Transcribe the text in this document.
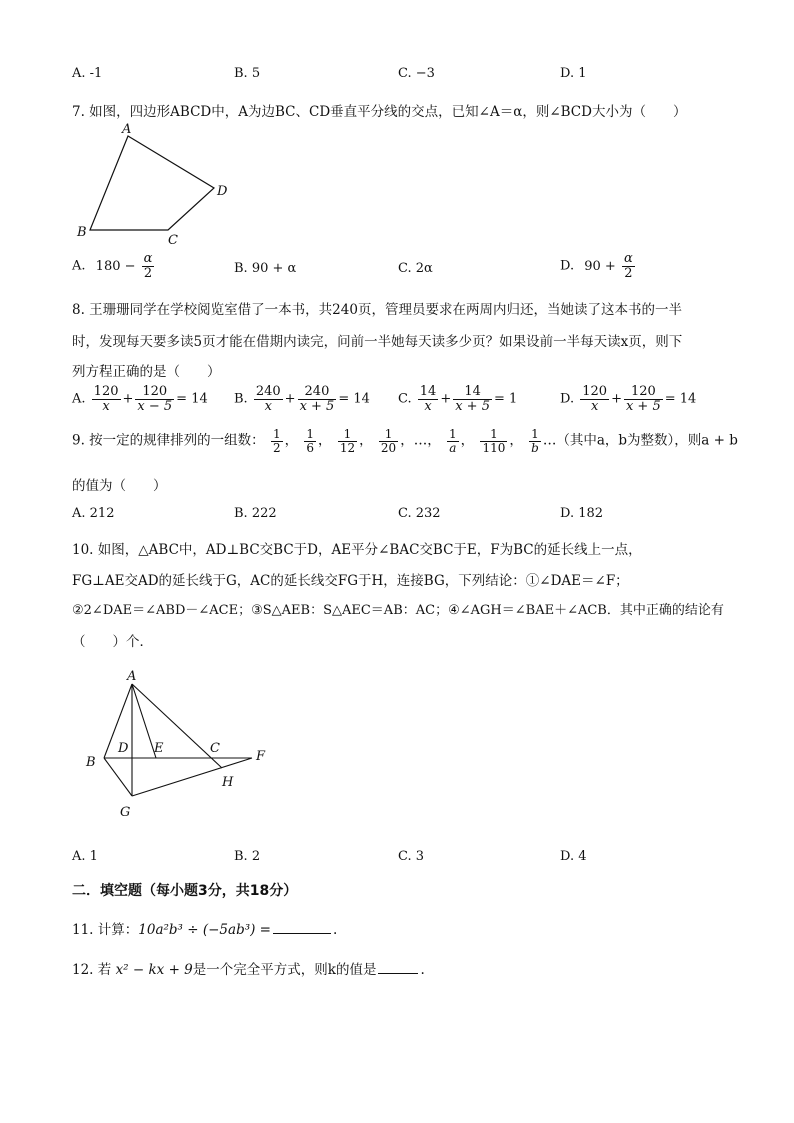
A. -1	B. 5	C. −3	D. 1
7. 如图，四边形ABCD中，A为边BC、CD垂直平分线的交点，已知∠A＝α，则∠BCD大小为（　　）
A
B
C
D
A. $180 - \frac{\alpha}{2}$	B. 90 + α	C. 2α	D. $90 + \frac{\alpha}{2}$
8. 王珊珊同学在学校阅览室借了一本书，共240页，管理员要求在两周内归还，当她读了这本书的一半
时，发现每天要多读5页才能在借期内读完，问前一半她每天读多少页？如果设前一半每天读x页，则下
列方程正确的是（　　）
A. $\frac{120}{x} + \frac{120}{x - 5} = 14$ B. $\frac{240}{x} + \frac{240}{x + 5} = 14$ C. $\frac{14}{x} + \frac{14}{x + 5} = 1$	D. $\frac{120}{x} + \frac{120}{x + 5} = 14$
9. 按一定的规律排列的一组数： $\frac{1}{2}$ ， $\frac{1}{6}$ ， $\frac{1}{12}$ ， $\frac{1}{20}$ ，…， $\frac{1}{a}$ ， $\frac{1}{110}$ ， $\frac{1}{b}$ …（其中a，b为整数），则a + b
的值为（　　）
A. 212	B. 222	C. 232	D. 182
10. 如图，△ABC中，AD⊥BC交BC于D，AE平分∠BAC交BC于E，F为BC的延长线上一点，
FG⊥AE交AD的延长线于G，AC的延长线交FG于H，连接BG，下列结论：①∠DAE＝∠F；
②2∠DAE＝∠ABD－∠ACE；③S△AEB：S△AEC＝AB：AC；④∠AGH＝∠BAE＋∠ACB．其中正确的结论有
（　　）个．
A
B
D E	C
F
H
G
A. 1	B. 2	C. 3	D. 4
二．填空题（每小题3分，共18分）
11. 计算：10a²b³ ÷ (−5ab³) =	.
12. 若 x² − kx + 9是一个完全平方式，则k的值是	.
